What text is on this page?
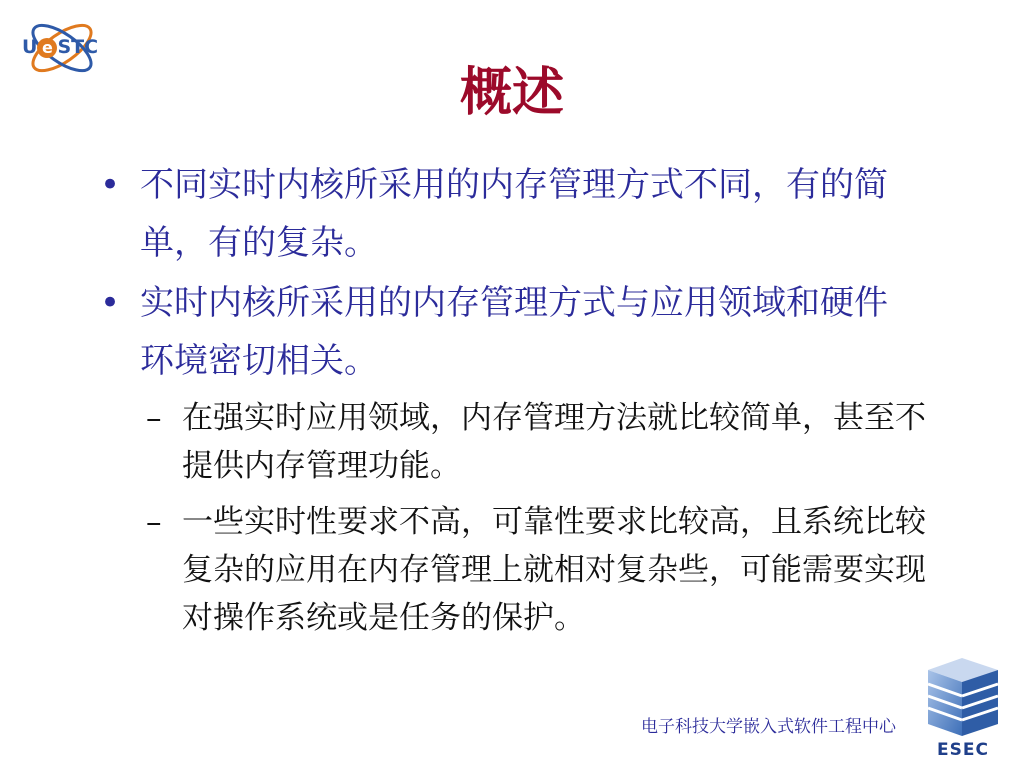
U e STC
概述
• 不同实时内核所采用的内存管理方式不同，有的简单，有的复杂。
• 实时内核所采用的内存管理方式与应用领域和硬件环境密切相关。
– 在强实时应用领域，内存管理方法就比较简单，甚至不提供内存管理功能。
– 一些实时性要求不高，可靠性要求比较高，且系统比较复杂的应用在内存管理上就相对复杂些，可能需要实现对操作系统或是任务的保护。
电子科技大学嵌入式软件工程中心
ESEC
